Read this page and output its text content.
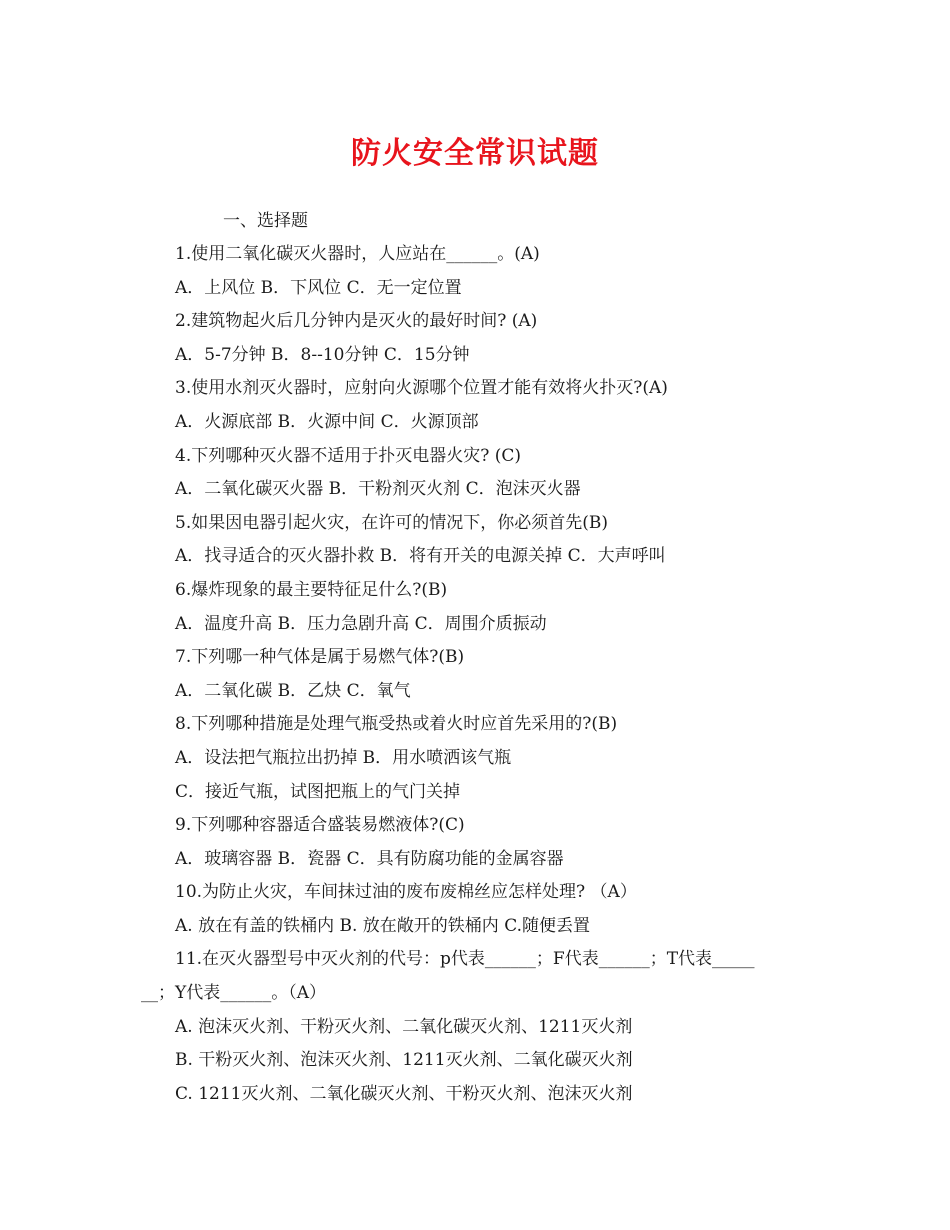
防火安全常识试题

一、选择题

1.使用二氧化碳灭火器时，人应站在______。(A)
A．上风位 B．下风位 C．无一定位置
2.建筑物起火后几分钟内是灭火的最好时间? (A)
A．5-7分钟 B．8--10分钟 C．15分钟
3.使用水剂灭火器时，应射向火源哪个位置才能有效将火扑灭?(A)
A．火源底部 B．火源中间 C．火源顶部
4.下列哪种灭火器不适用于扑灭电器火灾? (C)
A．二氧化碳灭火器 B．干粉剂灭火剂 C．泡沫灭火器
5.如果因电器引起火灾，在许可的情况下，你必须首先(B)
A．找寻适合的灭火器扑救 B．将有开关的电源关掉 C．大声呼叫
6.爆炸现象的最主要特征足什么?(B)
A．温度升高 B．压力急剧升高 C．周围介质振动
7.下列哪一种气体是属于易燃气体?(B)
A．二氧化碳 B．乙炔 C．氧气
8.下列哪种措施是处理气瓶受热或着火时应首先采用的?(B)
A．设法把气瓶拉出扔掉 B．用水喷洒该气瓶
C．接近气瓶，试图把瓶上的气门关掉
9.下列哪种容器适合盛装易燃液体?(C)
A．玻璃容器 B．瓷器 C．具有防腐功能的金属容器
10.为防止火灾，车间抹过油的废布废棉丝应怎样处理? （A）
A. 放在有盖的铁桶内 B. 放在敞开的铁桶内 C.随便丢置
11.在灭火器型号中灭火剂的代号：p代表______；F代表______；T代表_____
__；Y代表______。（A）
A. 泡沫灭火剂、干粉灭火剂、二氧化碳灭火剂、1211灭火剂
B. 干粉灭火剂、泡沫灭火剂、1211灭火剂、二氧化碳灭火剂
C. 1211灭火剂、二氧化碳灭火剂、干粉灭火剂、泡沫灭火剂
